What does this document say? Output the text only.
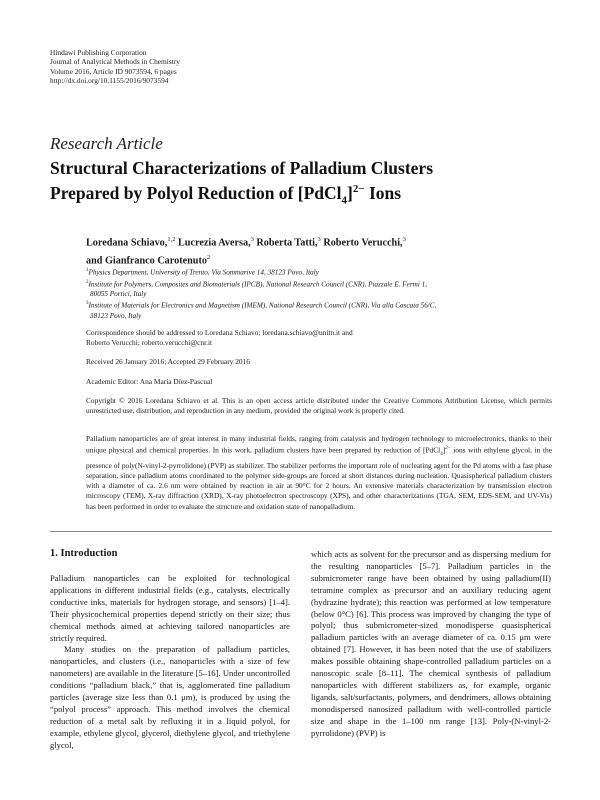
Hindawi Publishing Corporation
Journal of Analytical Methods in Chemistry
Volume 2016, Article ID 9073594, 6 pages
http://dx.doi.org/10.1155/2016/9073594
Research Article
Structural Characterizations of Palladium Clusters
Prepared by Polyol Reduction of [PdCl$_4$]$^{2-}$ Ions
Loredana Schiavo,$^{1,2}$ Lucrezia Aversa,$^3$ Roberta Tatti,$^3$ Roberto Verucchi,$^3$
and Gianfranco Carotenuto$^2$
$^1$Physics Department, University of Trento, Via Sommarive 14, 38123 Povo, Italy
$^2$Institute for Polymers, Composites and Biomaterials (IPCB), National Research Council (CNR), Piazzale E. Fermi 1,
80055 Portici, Italy
$^3$Institute of Materials for Electronics and Magnetism (IMEM), National Research Council (CNR), Via alla Cascata 56/C,
38123 Povo, Italy
Correspondence should be addressed to Loredana Schiavo; loredana.schiavo@unitn.it and
Roberto Verucchi; roberto.verucchi@cnr.it
Received 26 January 2016; Accepted 29 February 2016
Academic Editor: Ana María Díez-Pascual
Copyright © 2016 Loredana Schiavo et al. This is an open access article distributed under the Creative Commons Attribution License, which permits unrestricted use, distribution, and reproduction in any medium, provided the original work is properly cited.
Palladium nanoparticles are of great interest in many industrial fields, ranging from catalysis and hydrogen technology to microelectronics, thanks to their unique physical and chemical properties. In this work, palladium clusters have been prepared by reduction of [PdCl$_4$]$^{2-}$ ions with ethylene glycol, in the presence of poly(N-vinyl-2-pyrrolidone) (PVP) as stabilizer. The stabilizer performs the important role of nucleating agent for the Pd atoms with a fast phase separation, since palladium atoms coordinated to the polymer side-groups are forced at short distances during nucleation. Quasispherical palladium clusters with a diameter of ca. 2.6 nm were obtained by reaction in air at 90°C for 2 hours. An extensive materials characterization by transmission electron microscopy (TEM), X-ray diffraction (XRD), X-ray photoelectron spectroscopy (XPS), and other characterizations (TGA, SEM, EDS-SEM, and UV-Vis) has been performed in order to evaluate the structure and oxidation state of nanopalladium.
1. Introduction

Palladium nanoparticles can be exploited for technological applications in different industrial fields (e.g., catalysts, electrically conductive inks, materials for hydrogen storage, and sensors) [1–4]. Their physicochemical properties depend strictly on their size; thus chemical methods aimed at achieving tailored nanoparticles are strictly required.

Many studies on the preparation of palladium particles, nanoparticles, and clusters (i.e., nanoparticles with a size of few nanometers) are available in the literature [5–16]. Under uncontrolled conditions “palladium black,” that is, agglomerated fine palladium particles (average size less than 0.1 μm), is produced by using the “polyol process” approach. This method involves the chemical reduction of a metal salt by refluxing it in a liquid polyol, for example, ethylene glycol, glycerol, diethylene glycol, and triethylene glycol,

which acts as solvent for the precursor and as dispersing medium for the resulting nanoparticles [5–7]. Palladium particles in the submicrometer range have been obtained by using palladium(II) tetramine complex as precursor and an auxiliary reducing agent (hydrazine hydrate); this reaction was performed at low temperature (below 0°C) [6]. This process was improved by changing the type of polyol; thus submicrometer-sized monodisperse quasispherical palladium particles with an average diameter of ca. 0.15 μm were obtained [7]. However, it has been noted that the use of stabilizers makes possible obtaining shape-controlled palladium particles on a nanoscopic scale [8–11]. The chemical synthesis of palladium nanoparticles with different stabilizers as, for example, organic ligands, salt/surfactants, polymers, and dendrimers, allows obtaining monodispersed nanosized palladium with well-controlled particle size and shape in the 1–100 nm range [13]. Poly-(N-vinyl-2-pyrrolidone) (PVP) is
